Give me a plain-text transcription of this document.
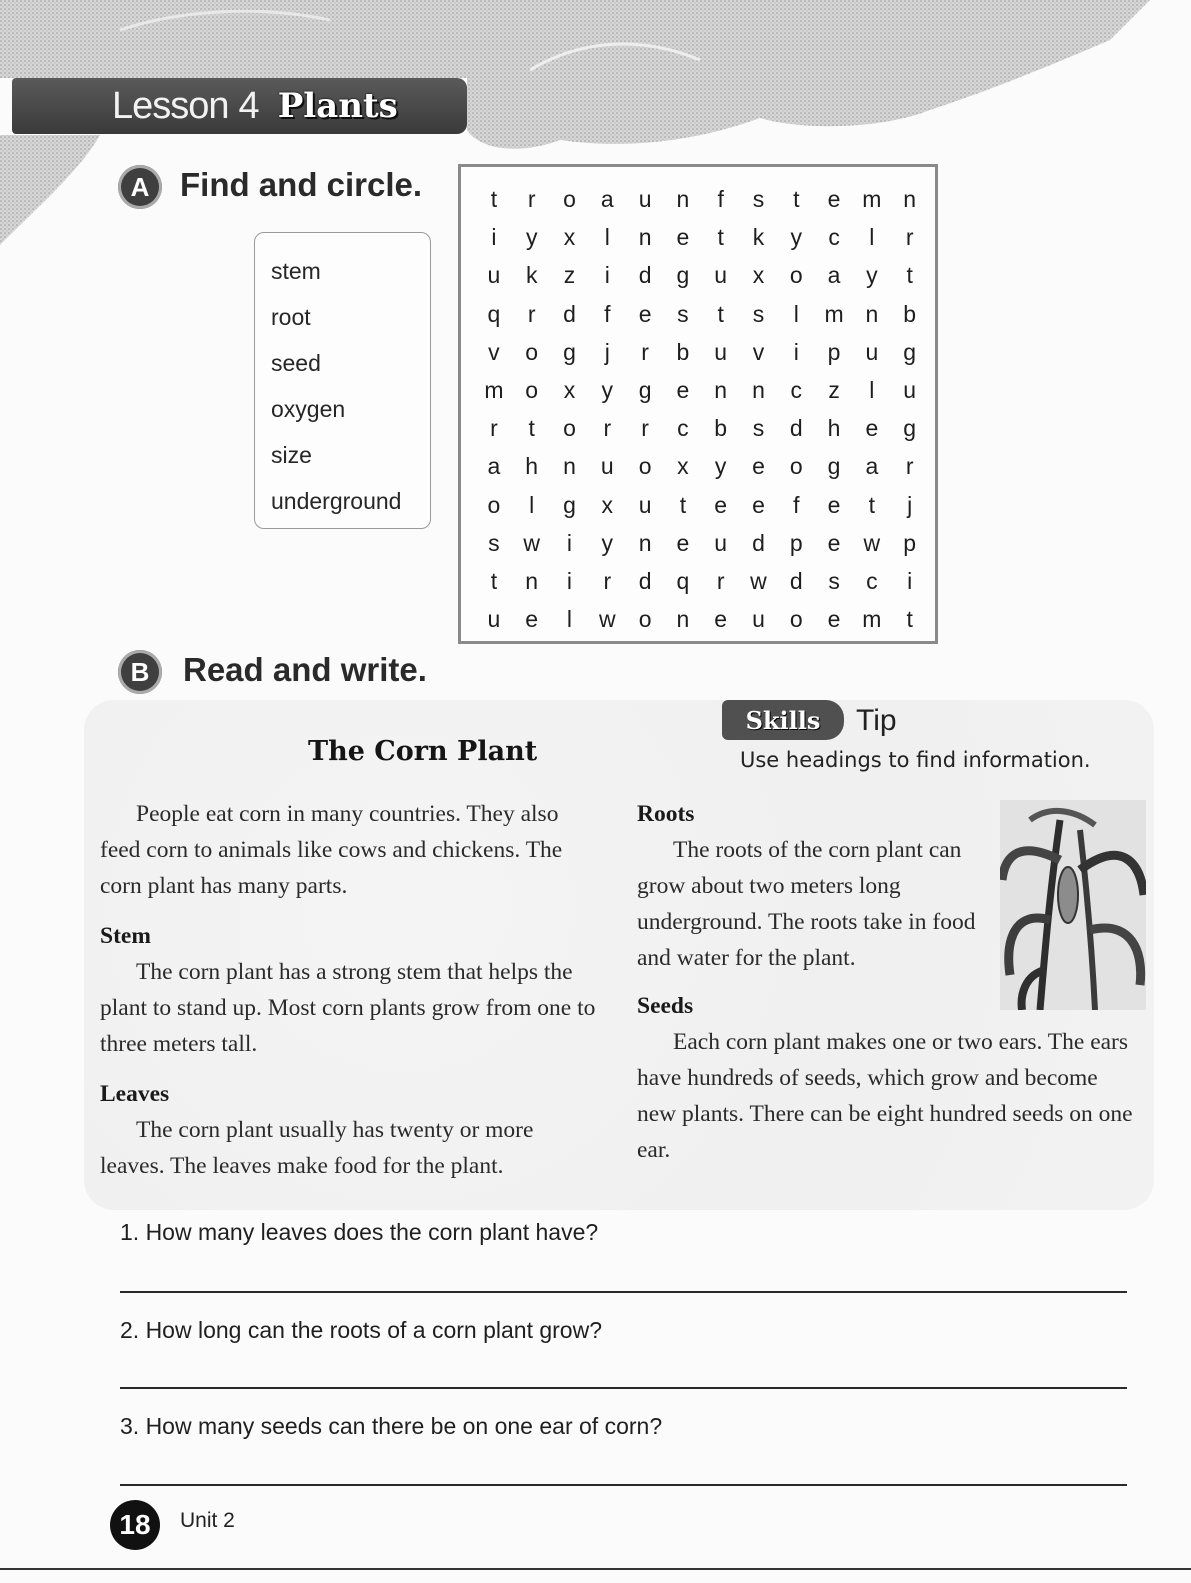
Lesson 4 Plants
A Find and circle.
stem
root
seed
oxygen
size
underground
t	r	o	a	u	n	f	s	t	e m n
i	y	x	l	n	e	t	k	y	c	l	r
u	k	z	i	d	g	u	x	o	a	y	t
q	r	d	f	e	s	t	s	l	m n	b
v	o	g	j	r	b	u	v	i	p	u	g
m o	x	y	g	e	n	n	c	z	l	u
r	t	o	r	r	c	b	s	d	h	e	g
a	h	n	u	o	x	y	e	o	g	a	r
o	l	g	x	u	t	e	e	f	e	t	j
s	w	i	y	n	e	u	d	p	e	w	p
t	n	i	r	d	q	r	w	d	s	c	i
u	e	l	w	o	n	e	u	o	e m	t
B	Read and write.
Skills	Tip
Use headings to find information.
The Corn Plant

People eat corn in many countries. They also feed corn to animals like cows and chickens. The corn plant has many parts.

Stem

The corn plant has a strong stem that helps the plant to stand up. Most corn plants grow from one to three meters tall.

Leaves

The corn plant usually has twenty or more leaves. The leaves make food for the plant.

Roots

The roots of the corn plant can grow about two meters long underground. The roots take in food and water for the plant.

Seeds

Each corn plant makes one or two ears. The ears have hundreds of seeds, which grow and become new plants. There can be eight hundred seeds on one ear.

1. How many leaves does the corn plant have?
2. How long can the roots of a corn plant grow?
3. How many seeds can there be on one ear of corn?
18	Unit 2
